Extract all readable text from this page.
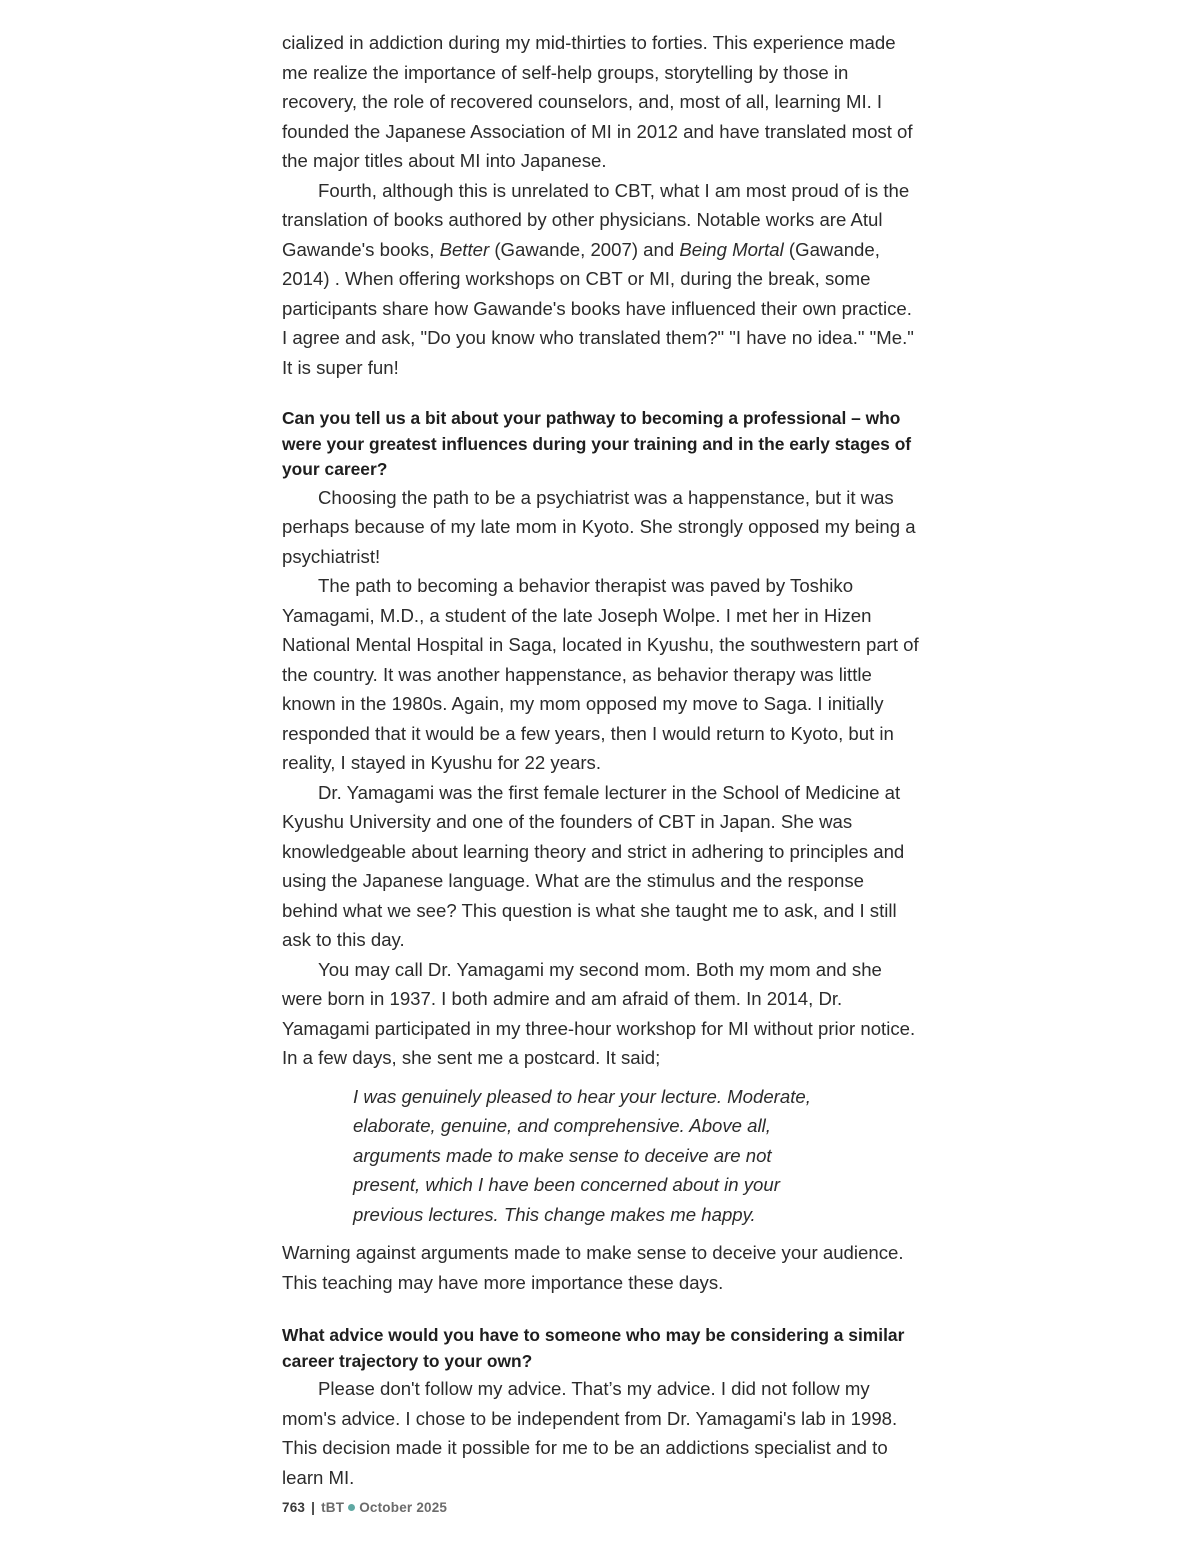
cialized in addiction during my mid-thirties to forties. This experience made me realize the importance of self-help groups, storytelling by those in recovery, the role of recovered counselors, and, most of all, learning MI. I founded the Japanese Association of MI in 2012 and have translated most of the major titles about MI into Japanese.

Fourth, although this is unrelated to CBT, what I am most proud of is the translation of books authored by other physicians. Notable works are Atul Gawande's books, Better (Gawande, 2007) and Being Mortal (Gawande, 2014) . When offering workshops on CBT or MI, during the break, some participants share how Gawande's books have influenced their own practice. I agree and ask, "Do you know who translated them?" "I have no idea." "Me." It is super fun!

Can you tell us a bit about your pathway to becoming a professional – who were your greatest influences during your training and in the early stages of your career?

Choosing the path to be a psychiatrist was a happenstance, but it was perhaps because of my late mom in Kyoto. She strongly opposed my being a psychiatrist!

The path to becoming a behavior therapist was paved by Toshiko Yamagami, M.D., a student of the late Joseph Wolpe. I met her in Hizen National Mental Hospital in Saga, located in Kyushu, the southwestern part of the country. It was another happenstance, as behavior therapy was little known in the 1980s. Again, my mom opposed my move to Saga. I initially responded that it would be a few years, then I would return to Kyoto, but in reality, I stayed in Kyushu for 22 years.

Dr. Yamagami was the first female lecturer in the School of Medicine at Kyushu University and one of the founders of CBT in Japan. She was knowledgeable about learning theory and strict in adhering to principles and using the Japanese language. What are the stimulus and the response behind what we see? This question is what she taught me to ask, and I still ask to this day.

You may call Dr. Yamagami my second mom. Both my mom and she were born in 1937. I both admire and am afraid of them. In 2014, Dr. Yamagami participated in my three-hour workshop for MI without prior notice. In a few days, she sent me a postcard. It said;

I was genuinely pleased to hear your lecture. Moderate, elaborate, genuine, and comprehensive. Above all, arguments made to make sense to deceive are not present, which I have been concerned about in your previous lectures. This change makes me happy.

Warning against arguments made to make sense to deceive your audience. This teaching may have more importance these days.

What advice would you have to someone who may be considering a similar career trajectory to your own?

Please don't follow my advice. That’s my advice. I did not follow my mom's advice. I chose to be independent from Dr. Yamagami's lab in 1998. This decision made it possible for me to be an addictions specialist and to learn MI.

763 | tBT October 2025
